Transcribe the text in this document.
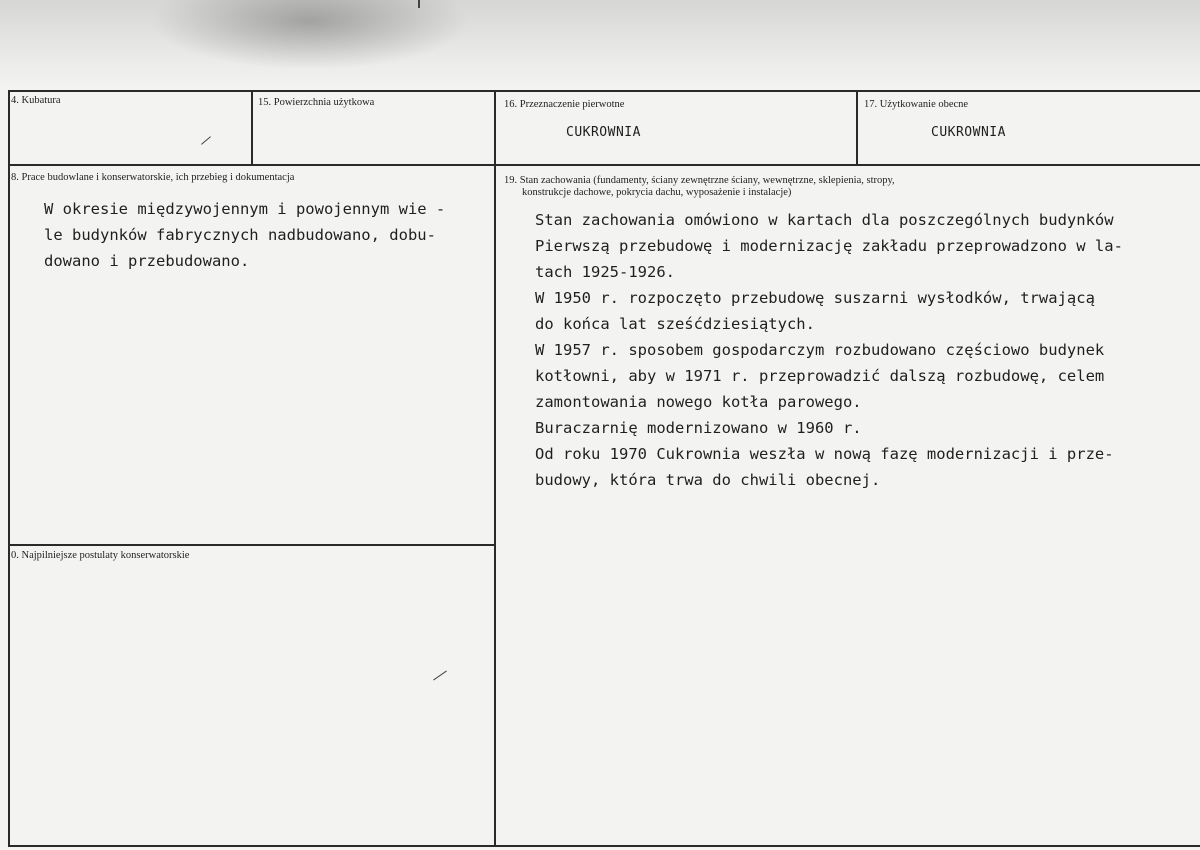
4. Kubatura	15. Powierzchnia użytkowa	16. Przeznaczenie pierwotne
CUKROWNIA
17. Użytkowanie obecne
CUKROWNIA
8. Prace budowlane i konserwatorskie, ich przebieg i dokumentacja
W okresie międzywojennym i powojennym wie -
le budynków fabrycznych nadbudowano, dobu-
dowano i przebudowano.
19. Stan zachowania (fundamenty, ściany zewnętrzne ściany, wewnętrzne, sklepienia, stropy,
konstrukcje dachowe, pokrycia dachu, wyposażenie i instalacje)
Stan zachowania omówiono w kartach dla poszczególnych budynków
Pierwszą przebudowę i modernizację zakładu przeprowadzono w la-
tach 1925-1926.
W 1950 r. rozpoczęto przebudowę suszarni wysłodków, trwającą
do końca lat sześćdziesiątych.
W 1957 r. sposobem gospodarczym rozbudowano częściowo budynek
kotłowni, aby w 1971 r. przeprowadzić dalszą rozbudowę, celem
zamontowania nowego kotła parowego.
Buraczarnię modernizowano w 1960 r.
Od roku 1970 Cukrownia weszła w nową fazę modernizacji i prze-
budowy, która trwa do chwili obecnej.
0. Najpilniejsze postulaty konserwatorskie
